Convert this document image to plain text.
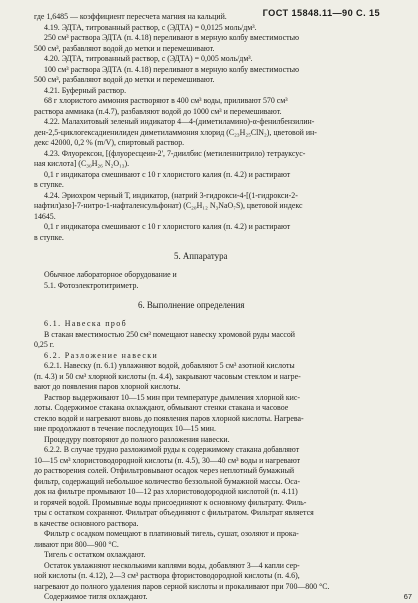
ГОСТ 15848.11—90 С. 15
где 1,6485 — коэффициент пересчета магния на кальций.
4.19. ЭДТА, титрованный раствор, c (ЭДТА) = 0,0125 моль/дм³.
250 см³ раствора ЭДТА (п. 4.18) переливают в мерную колбу вместимостью
500 см³, разбавляют водой до метки и перемешивают.
4.20. ЭДТА, титрованный раствор, c (ЭДТА) = 0,005 моль/дм³.
100 см³ раствора ЭДТА (п. 4.18) переливают в мерную колбу вместимостью
500 см³, разбавляют водой до метки и перемешивают.
4.21. Буферный раствор.
68 г хлористого аммония растворяют в 400 см³ воды, приливают 570 см³
раствора аммиака (п.4.7), разбавляют водой до 1000 см³ и перемешивают.
4.22. Малахитовый зеленый индикатор 4—4-(диметиламино)-α-фенилбензилин-
ден-2,5-циклогексадиенилиден диметиламмония хлорид (C₂₃H₂₅ClN₂), цветовой ин-
декс 42000, 0,2 % (m/V), спиртовый раствор.
4.23. Флуорексон, [(флуоресцеин-2', 7-диилбис (метиленнитрило) тетрауксус-
ная кислота] (C₃₀H₂₆ N₂O₁₃).
0,1 г индикатора смешивают с 10 г хлористого калия (п. 4.2) и растирают
в ступке.
4.24. Эриохром черный Т, индикатор, (натрий 3-гидрокси-4-[(1-гидрокси-2-
нафтил)азо]-7-нитро-1-нафталенсульфонат) (C₂₀H₁₂ N₃NaO₇S), цветовой индекс
14645.
0,1 г индикатора смешивают с 10 г хлористого калия (п. 4.2) и растирают
в ступке.
5. Аппаратура
Обычное лабораторное оборудование и
5.1. Фотоэлектротитриметр.
6. Выполнение определения
6.1. Навеска проб
В стакан вместимостью 250 см³ помещают навеску хромовой руды массой
0,25 г.
6.2. Разложение навески
6.2.1. Навеску (п. 6.1) увлажняют водой, добавляют 5 см³ азотной кислоты
(п. 4.3) и 50 см³ хлорной кислоты (п. 4.4), закрывают часовым стеклом и нагре-
вают до появления паров хлорной кислоты.
Раствор выдерживают 10—15 мин при температуре дымления хлорной кис-
лоты. Содержимое стакана охлаждают, обмывают стенки стакана и часовое
стекло водой и нагревают вновь до появления паров хлорной кислоты. Нагрева-
ние продолжают в течение последующих 10—15 мин.
Процедуру повторяют до полного разложения навески.
6.2.2. В случае трудно разложимой руды к содержимому стакана добавляют
10—15 см³ хлористоводородной кислоты (п. 4.5), 30—40 см³ воды и нагревают
до растворения солей. Отфильтровывают осадок через неплотный бумажный
фильтр, содержащий небольшое количество беззольной бумажной массы. Оса-
док на фильтре промывают 10—12 раз хлористоводородной кислотой (п. 4.11)
и горячей водой. Промывные воды присоединяют к основному фильтрату. Филь-
тры с остатком сохраняют. Фильтрат объединяют с фильтратом. Фильтрат является
в качестве основного раствора.
Фильтр с осадком помещают в платиновый тигель, сушат, озоляют и прока-
ливают при 800—900 °C.
Тигель с остатком охлаждают.
Остаток увлажняют несколькими каплями воды, добавляют 3—4 капли сер-
ной кислоты (п. 4.12), 2—3 см³ раствора фтористоводородной кислоты (п. 4.6),
нагревают до полного удаления паров серной кислоты и прокаливают при 700—800 °C.
Содержимое тигля охлаждают.	67
